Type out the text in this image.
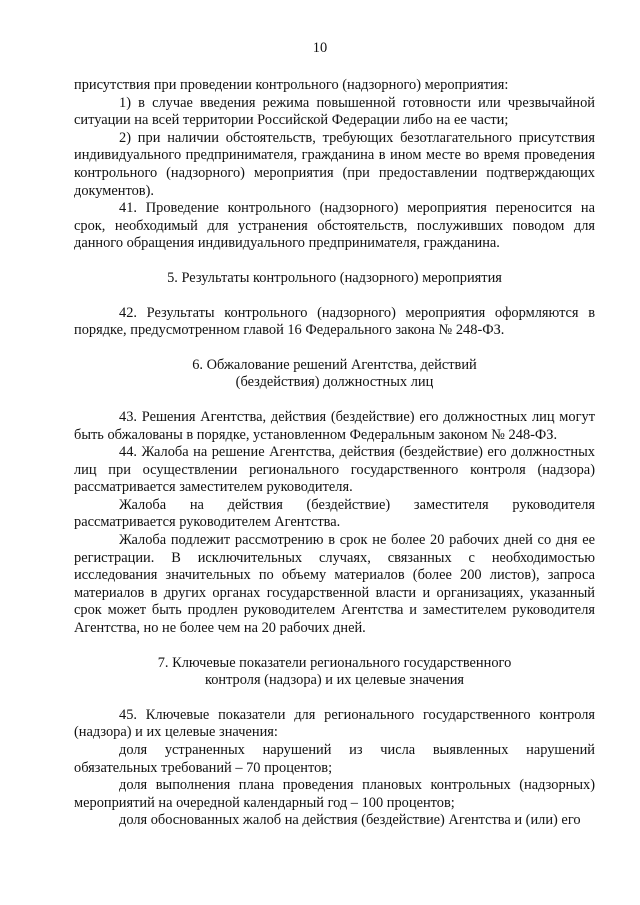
10

присутствия при проведении контрольного (надзорного) мероприятия:

1) в случае введения режима повышенной готовности или чрезвычайной ситуации на всей территории Российской Федерации либо на ее части;

2) при наличии обстоятельств, требующих безотлагательного присутствия индивидуального предпринимателя, гражданина в ином месте во время проведения контрольного (надзорного) мероприятия (при предоставлении подтверждающих документов).

41. Проведение контрольного (надзорного) мероприятия переносится на срок, необходимый для устранения обстоятельств, послуживших поводом для данного обращения индивидуального предпринимателя, гражданина.

5. Результаты контрольного (надзорного) мероприятия

42. Результаты контрольного (надзорного) мероприятия оформляются в порядке, предусмотренном главой 16 Федерального закона № 248-ФЗ.

6. Обжалование решений Агентства, действий
(бездействия) должностных лиц

43. Решения Агентства, действия (бездействие) его должностных лиц могут быть обжалованы в порядке, установленном Федеральным законом № 248-ФЗ.

44. Жалоба на решение Агентства, действия (бездействие) его должностных лиц при осуществлении регионального государственного контроля (надзора) рассматривается заместителем руководителя.

Жалоба на действия (бездействие) заместителя руководителя рассматривается руководителем Агентства.

Жалоба подлежит рассмотрению в срок не более 20 рабочих дней со дня ее регистрации. В исключительных случаях, связанных с необходимостью исследования значительных по объему материалов (более 200 листов), запроса материалов в других органах государственной власти и организациях, указанный срок может быть продлен руководителем Агентства и заместителем руководителя Агентства, но не более чем на 20 рабочих дней.

7. Ключевые показатели регионального государственного
контроля (надзора) и их целевые значения

45. Ключевые показатели для регионального государственного контроля (надзора) и их целевые значения:

доля устраненных нарушений из числа выявленных нарушений обязательных требований – 70 процентов;

доля выполнения плана проведения плановых контрольных (надзорных) мероприятий на очередной календарный год – 100 процентов;

доля обоснованных жалоб на действия (бездействие) Агентства и (или) его
